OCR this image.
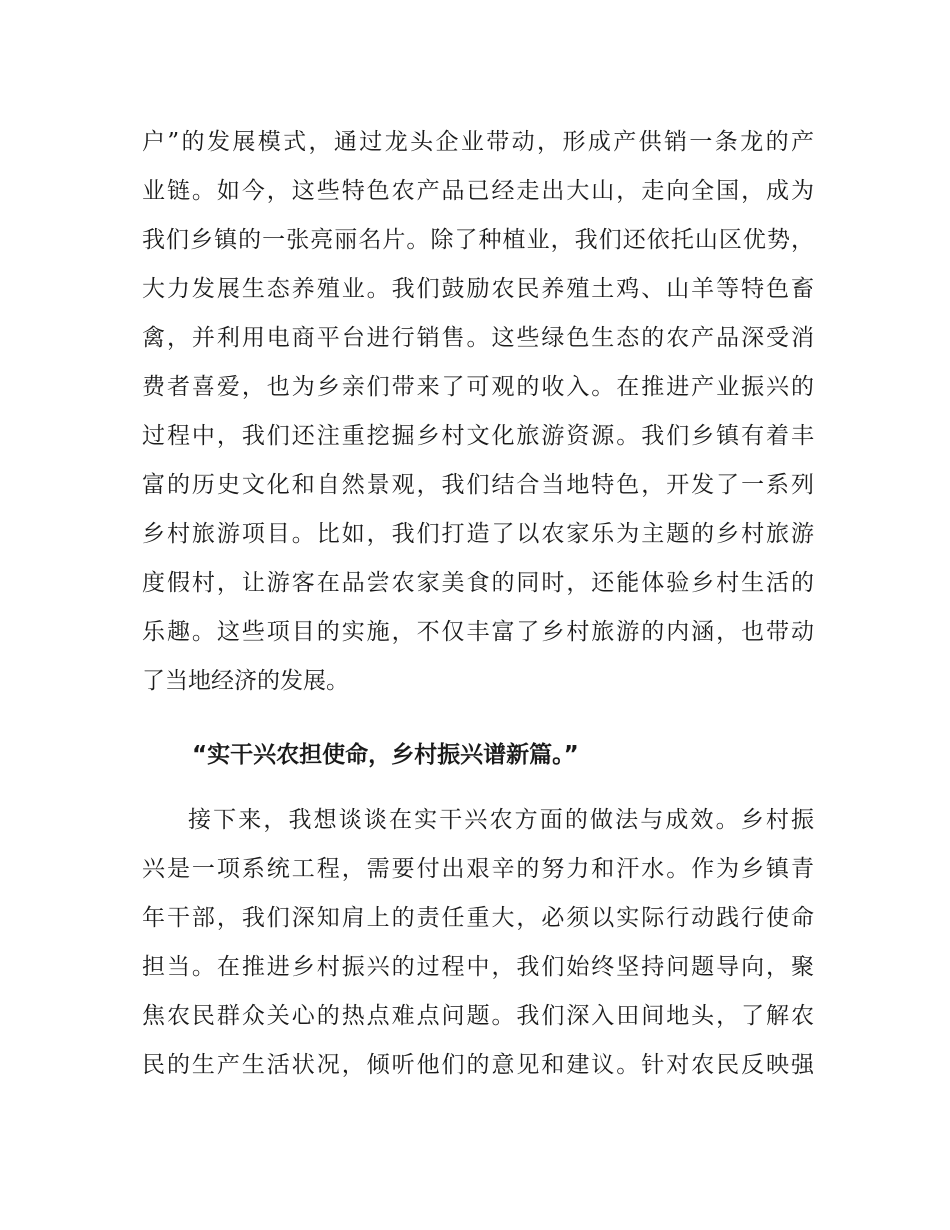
户”的发展模式，通过龙头企业带动，形成产供销一条龙的产
业链。如今，这些特色农产品已经走出大山，走向全国，成为
我们乡镇的一张亮丽名片。除了种植业，我们还依托山区优势，
大力发展生态养殖业。我们鼓励农民养殖土鸡、山羊等特色畜
禽，并利用电商平台进行销售。这些绿色生态的农产品深受消
费者喜爱，也为乡亲们带来了可观的收入。在推进产业振兴的
过程中，我们还注重挖掘乡村文化旅游资源。我们乡镇有着丰
富的历史文化和自然景观，我们结合当地特色，开发了一系列
乡村旅游项目。比如，我们打造了以农家乐为主题的乡村旅游
度假村，让游客在品尝农家美食的同时，还能体验乡村生活的
乐趣。这些项目的实施，不仅丰富了乡村旅游的内涵，也带动
了当地经济的发展。

“实干兴农担使命，乡村振兴谱新篇。”

接下来，我想谈谈在实干兴农方面的做法与成效。乡村振
兴是一项系统工程，需要付出艰辛的努力和汗水。作为乡镇青
年干部，我们深知肩上的责任重大，必须以实际行动践行使命
担当。在推进乡村振兴的过程中，我们始终坚持问题导向，聚
焦农民群众关心的热点难点问题。我们深入田间地头，了解农
民的生产生活状况，倾听他们的意见和建议。针对农民反映强
